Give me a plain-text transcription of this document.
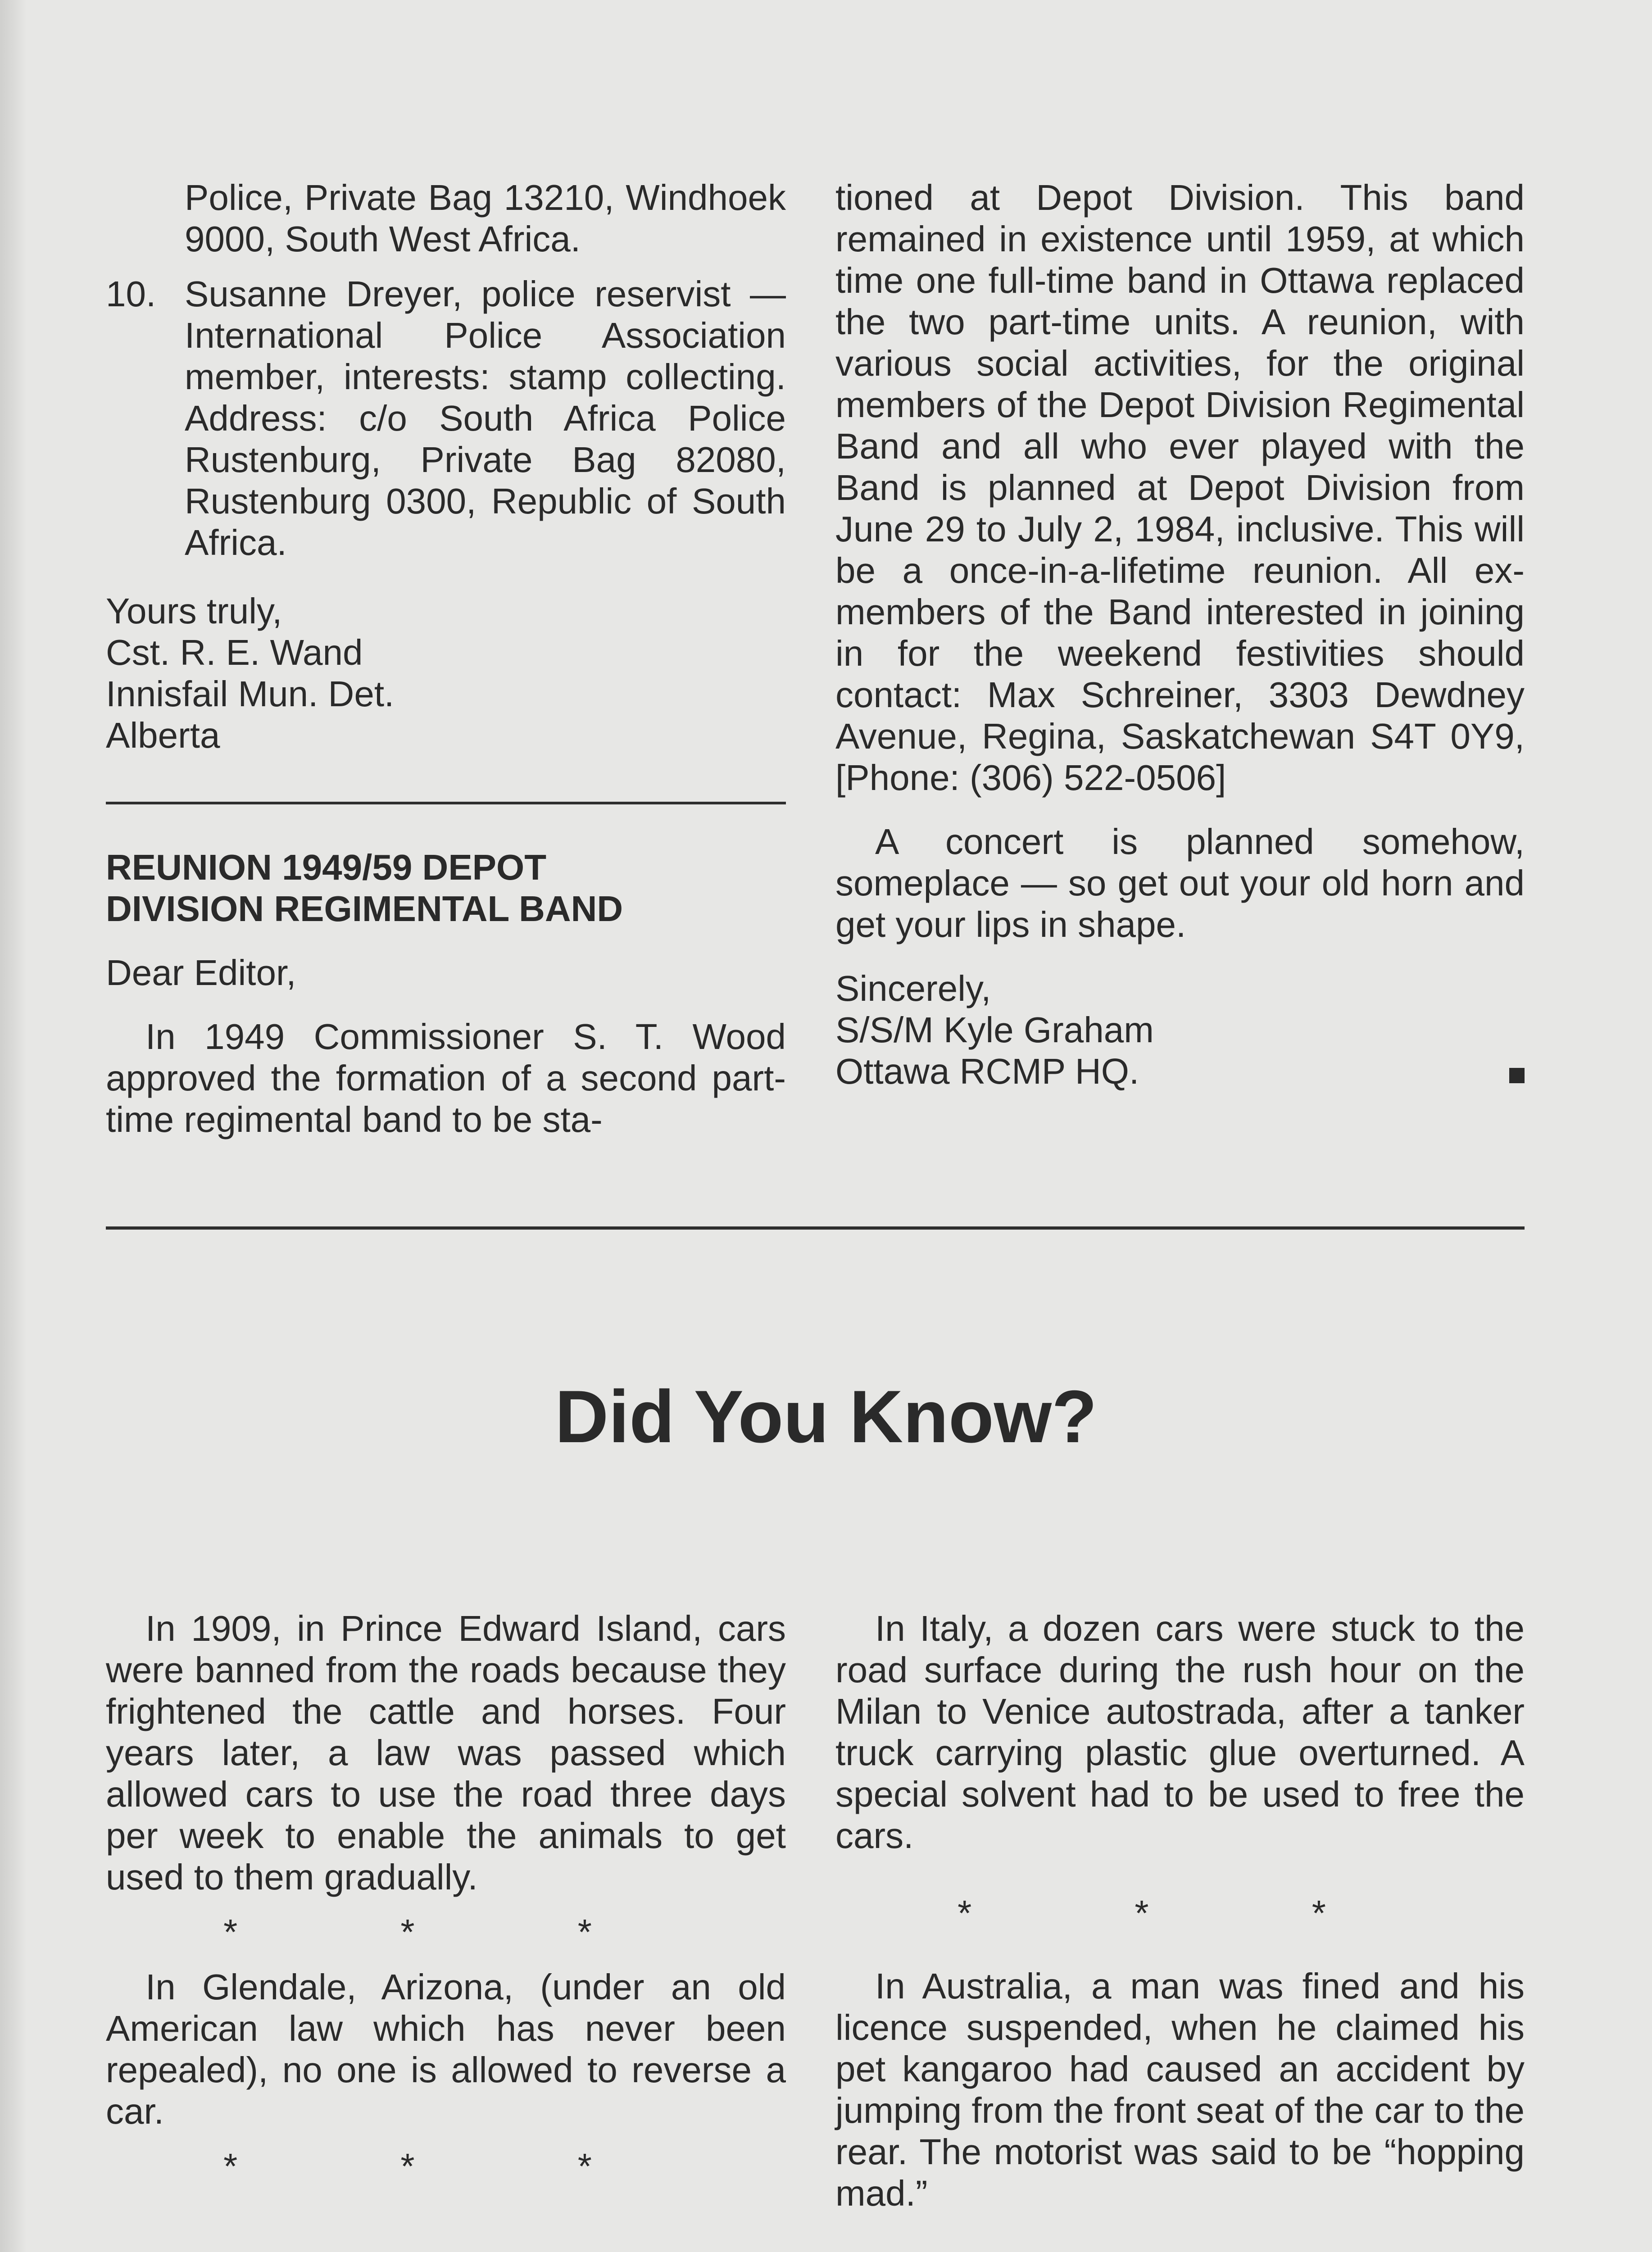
Police, Private Bag 13210, Windhoek 9000, South West Africa.

10. Susanne Dreyer, police reservist — International Police Association member, interests: stamp collecting. Address: c/o South Africa Police Rustenburg, Private Bag 82080, Rustenburg 0300, Republic of South Africa.

Yours truly,

Cst. R. E. Wand

Innisfail Mun. Det.

Alberta

REUNION 1949/59 DEPOT DIVISION REGIMENTAL BAND

Dear Editor,

In 1949 Commissioner S. T. Wood approved the formation of a second part-time regimental band to be sta-

tioned at Depot Division. This band remained in existence until 1959, at which time one full-time band in Ottawa replaced the two part-time units. A reunion, with various social activities, for the original members of the Depot Division Regimental Band and all who ever played with the Band is planned at Depot Division from June 29 to July 2, 1984, inclusive. This will be a once-in-a-lifetime reunion. All ex-members of the Band interested in joining in for the weekend festivities should contact: Max Schreiner, 3303 Dewdney Avenue, Regina, Saskatchewan S4T 0Y9, [Phone: (306) 522-0506]

A concert is planned somehow, someplace — so get out your old horn and get your lips in shape.

Sincerely,

S/S/M Kyle Graham

Ottawa RCMP HQ.

Did You Know?

In 1909, in Prince Edward Island, cars were banned from the roads because they frightened the cattle and horses. Four years later, a law was passed which allowed cars to use the road three days per week to enable the animals to get used to them gradually.

* * *

In Glendale, Arizona, (under an old American law which has never been repealed), no one is allowed to reverse a car.

* * *

In Italy, a dozen cars were stuck to the road surface during the rush hour on the Milan to Venice autostrada, after a tanker truck carrying plastic glue overturned. A special solvent had to be used to free the cars.

* * *

In Australia, a man was fined and his licence suspended, when he claimed his pet kangaroo had caused an accident by jumping from the front seat of the car to the rear. The motorist was said to be “hopping mad.”
